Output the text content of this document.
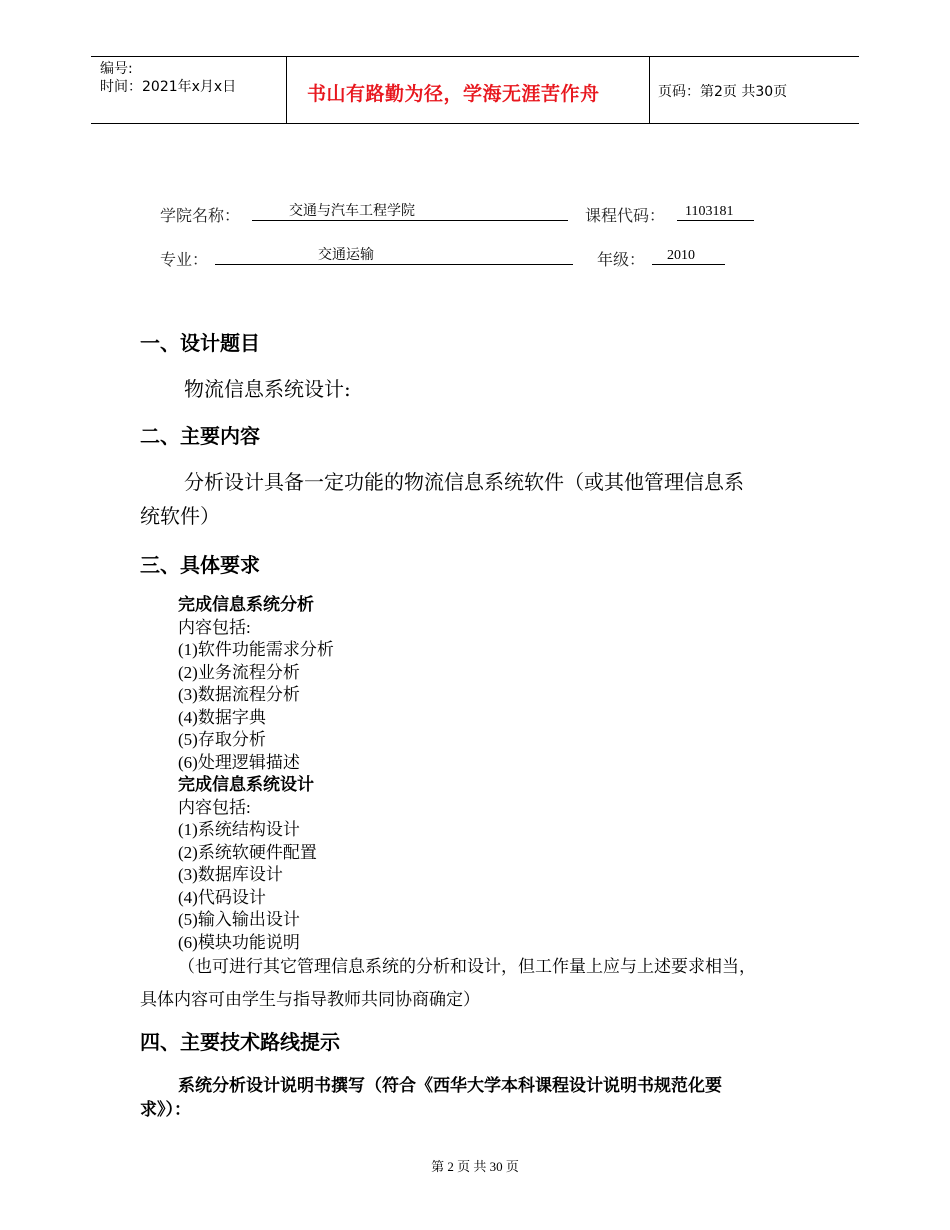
编号:
时间：2021年x月x日	书山有路勤为径，学海无涯苦作舟	页码：第2页 共30页
学院名称：	交通与汽车工程学院	课程代码： 1103181
专业：	交通运输	年级： 2010
一、设计题目
物流信息系统设计:
二、主要内容
分析设计具备一定功能的物流信息系统软件（或其他管理信息系
统软件）
三、具体要求
完成信息系统分析
内容包括:
(1)软件功能需求分析
(2)业务流程分析
(3)数据流程分析
(4)数据字典
(5)存取分析
(6)处理逻辑描述
完成信息系统设计
内容包括:
(1)系统结构设计
(2)系统软硬件配置
(3)数据库设计
(4)代码设计
(5)输入输出设计
(6)模块功能说明
（也可进行其它管理信息系统的分析和设计，但工作量上应与上述要求相当，
具体内容可由学生与指导教师共同协商确定）
四、主要技术路线提示
系统分析设计说明书撰写（符合《西华大学本科课程设计说明书规范化要
求》）：
第 2 页 共 30 页
